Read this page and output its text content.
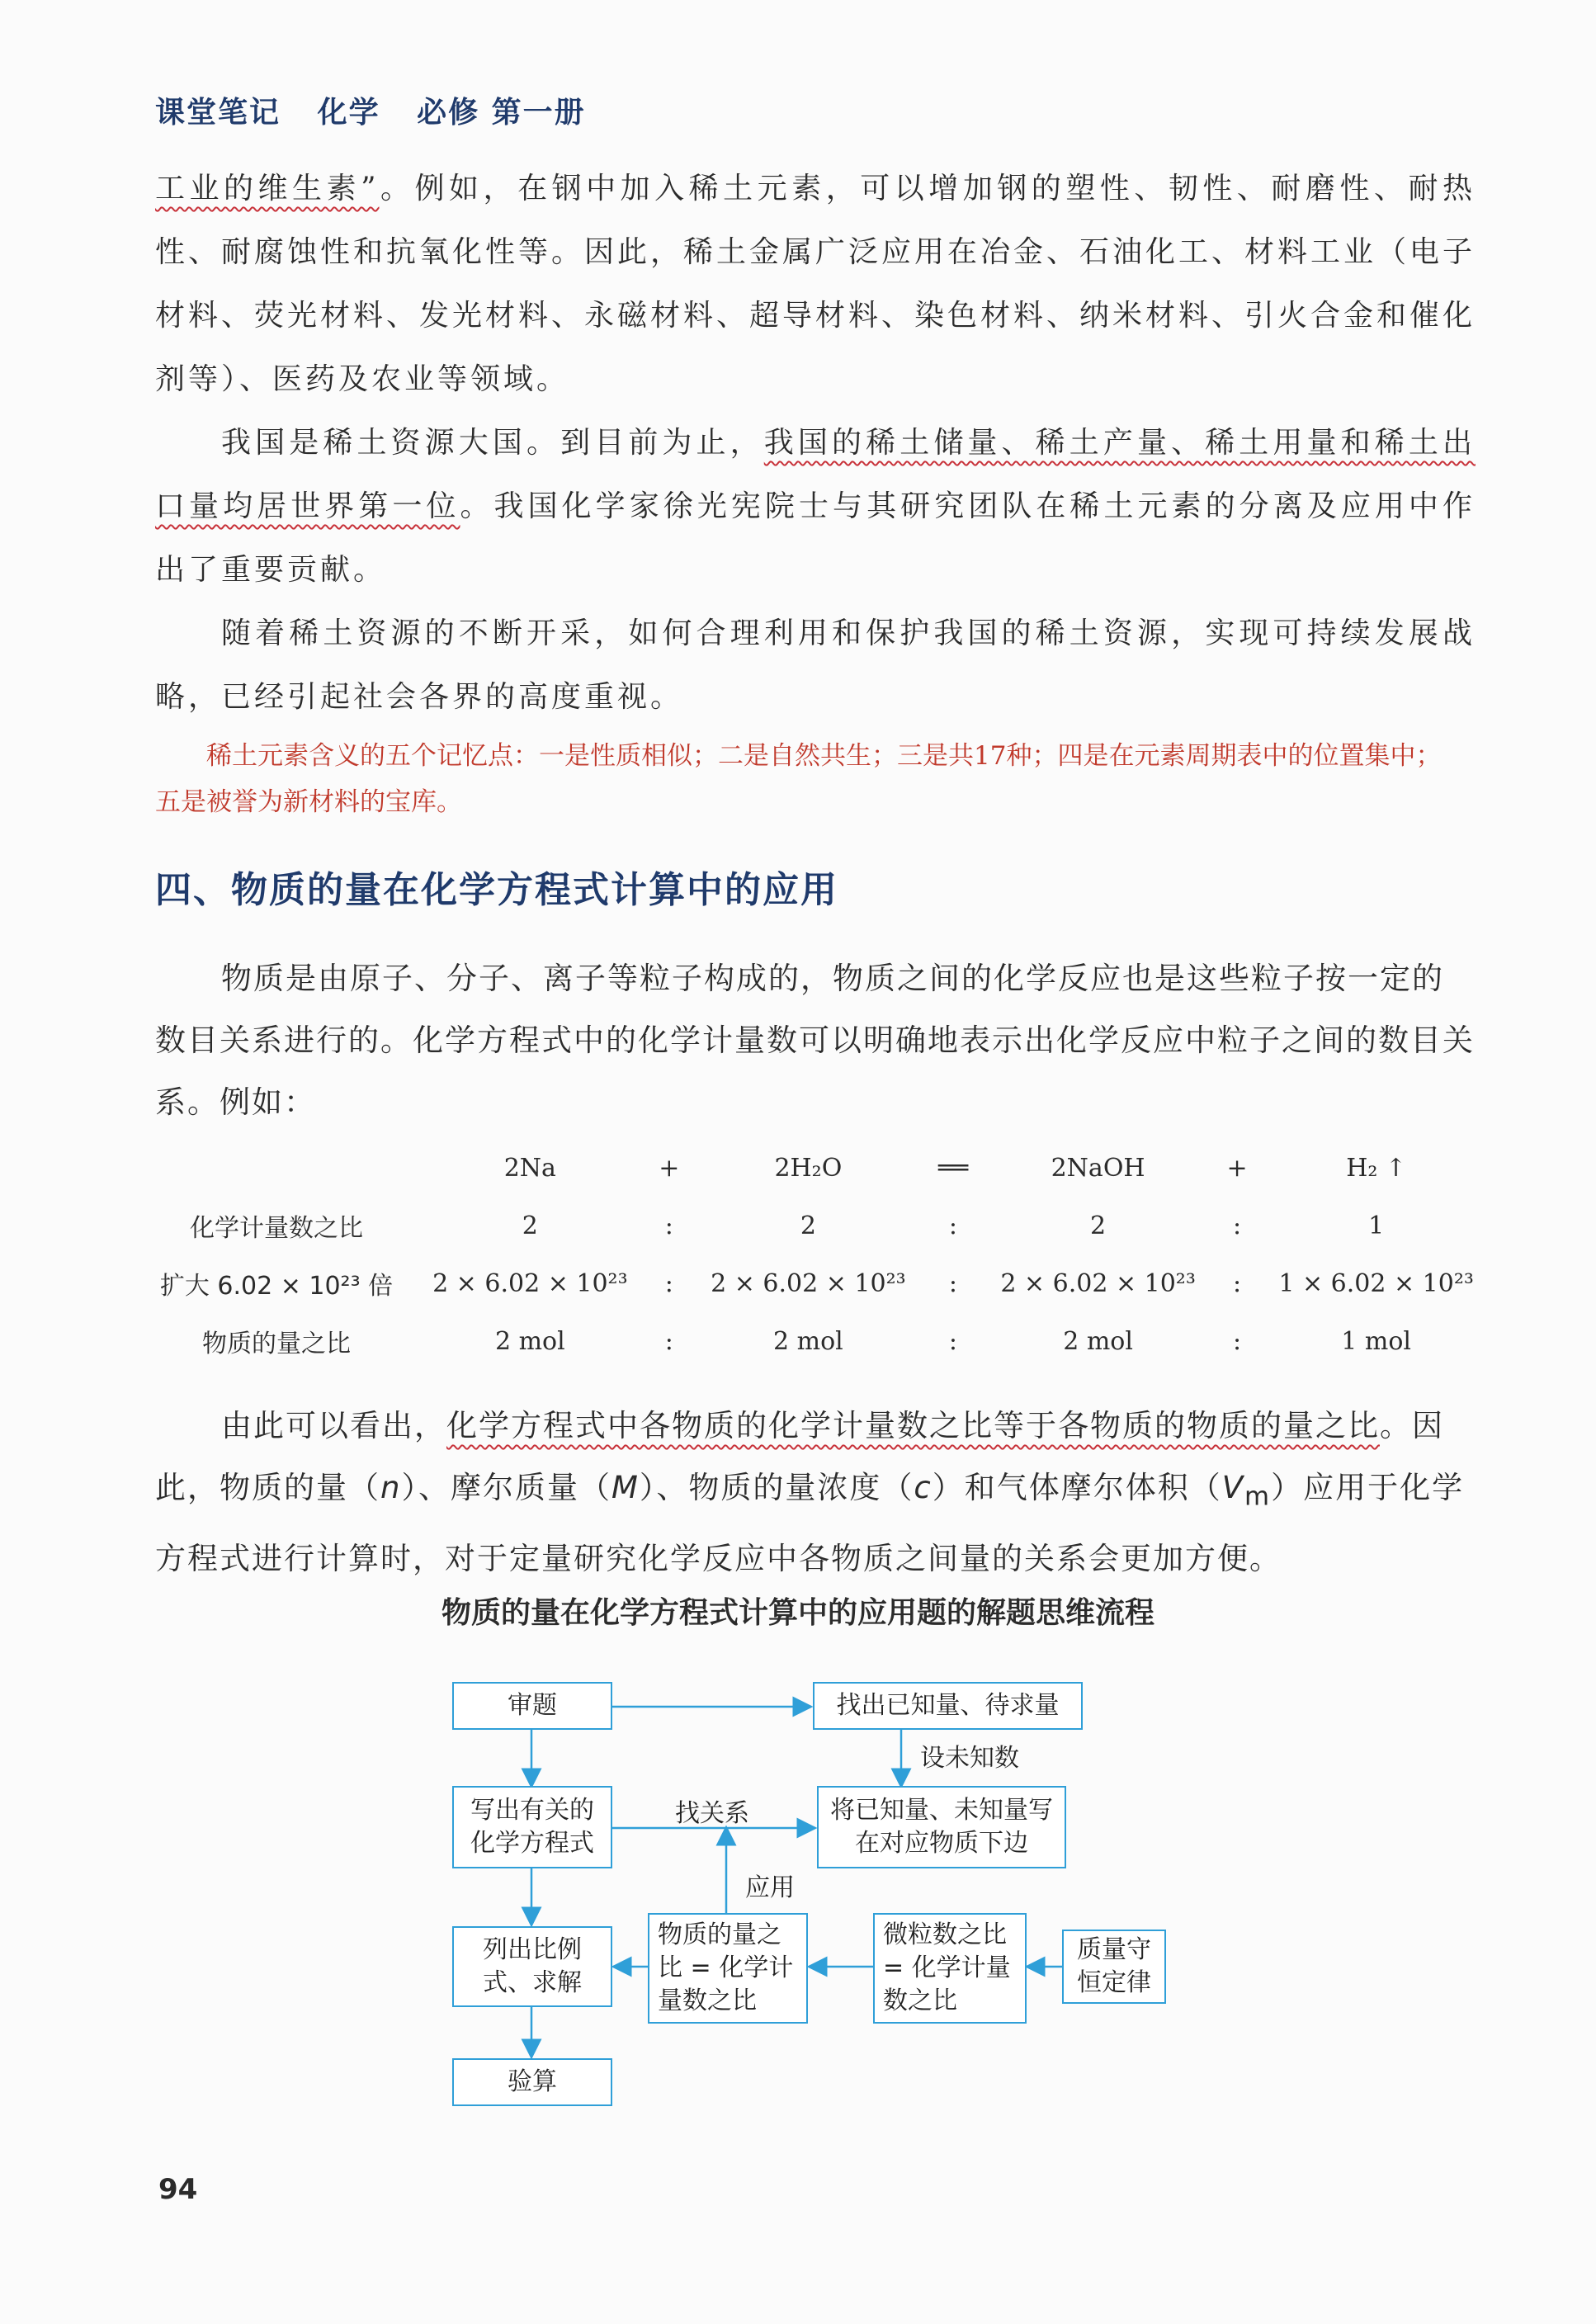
课堂笔记 化学 必修 第一册

工业的维生素”。例如，在钢中加入稀土元素，可以增加钢的塑性、韧性、耐磨性、耐热性、耐腐蚀性和抗氧化性等。因此，稀土金属广泛应用在冶金、石油化工、材料工业（电子材料、荧光材料、发光材料、永磁材料、超导材料、染色材料、纳米材料、引火合金和催化剂等）、医药及农业等领域。

我国是稀土资源大国。到目前为止，我国的稀土储量、稀土产量、稀土用量和稀土出口量均居世界第一位。我国化学家徐光宪院士与其研究团队在稀土元素的分离及应用中作出了重要贡献。

随着稀土资源的不断开采，如何合理利用和保护我国的稀土资源，实现可持续发展战略，已经引起社会各界的高度重视。

稀土元素含义的五个记忆点：一是性质相似；二是自然共生；三是共17种；四是在元素周期表中的位置集中；
五是被誉为新材料的宝库。
四、物质的量在化学方程式计算中的应用

物质是由原子、分子、离子等粒子构成的，物质之间的化学反应也是这些粒子按一定的数目关系进行的。化学方程式中的化学计量数可以明确地表示出化学反应中粒子之间的数目关系。例如：

	2Na	+	2H₂O	══	2NaOH	+	H₂ ↑
化学计量数之比	2	:	2	:	2	:	1
扩大 6.02 × 10²³ 倍	2 × 6.02 × 10²³	:	2 × 6.02 × 10²³	:	2 × 6.02 × 10²³	:	1 × 6.02 × 10²³
物质的量之比	2 mol	:	2 mol	:	2 mol	:	1 mol

由此可以看出，化学方程式中各物质的化学计量数之比等于各物质的物质的量之比。因此，物质的量（n）、摩尔质量（M）、物质的量浓度（c）和气体摩尔体积$(V_m)$应用于化学方程式进行计算时，对于定量研究化学反应中各物质之间量的关系会更加方便。

物质的量在化学方程式计算中的应用题的解题思维流程
审题	找出已知量、待求量
设未知数
写出有关的化学方程式
找关系	将已知量、未知量写在对应物质下边
应用
列出比例式、求解
物质的量之比 = 化学计量数之比
微粒数之比 = 化学计量数之比
质量守恒定律
验算
94
